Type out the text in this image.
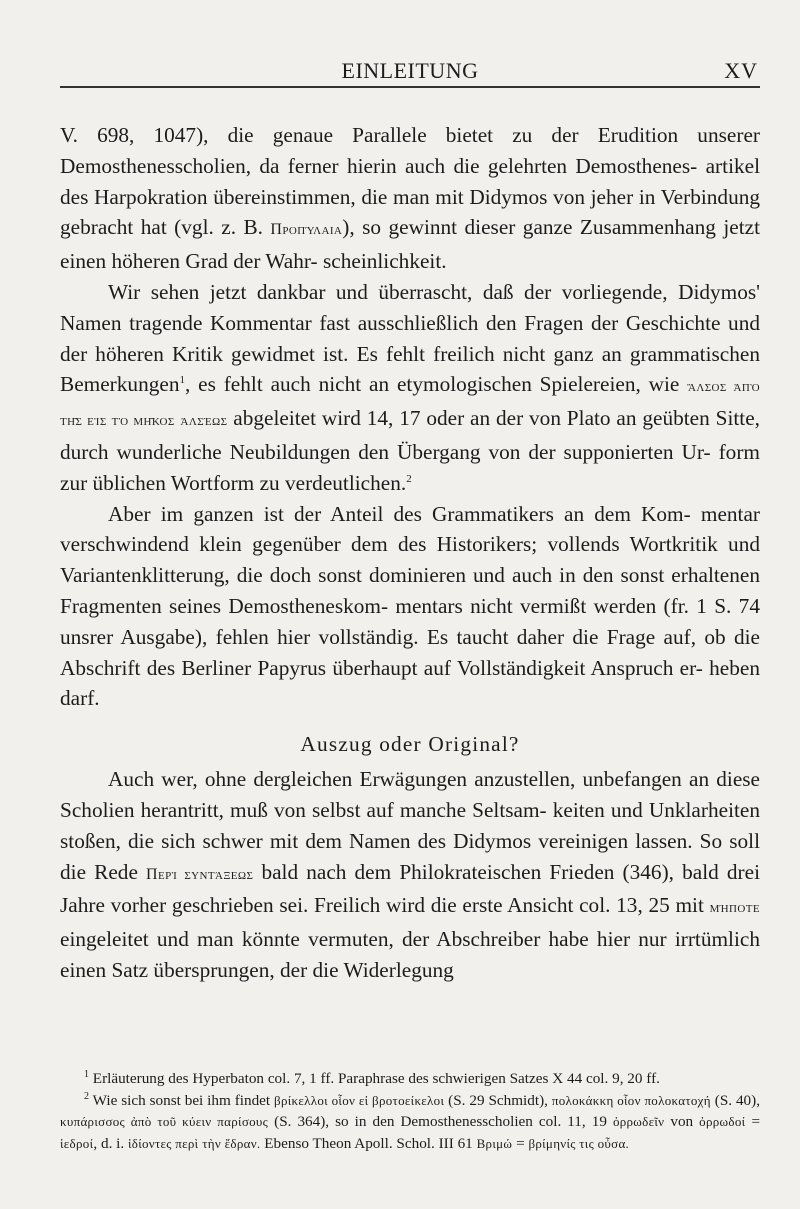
EINLEITUNG	XV

V. 698, 1047), die genaue Parallele bietet zu der Erudition unserer Demosthenesscholien, da ferner hierin auch die gelehrten Demosthenes- artikel des Harpokration übereinstimmen, die man mit Didymos von jeher in Verbindung gebracht hat (vgl. z. B. Πρoπύλαια), so gewinnt dieser ganze Zusammenhang jetzt einen höheren Grad der Wahr- scheinlichkeit.

Wir sehen jetzt dankbar und überrascht, daß der vorliegende, Didymos' Namen tragende Kommentar fast ausschließlich den Fragen der Geschichte und der höheren Kritik gewidmet ist. Es fehlt freilich nicht ganz an grammatischen Bemerkungen$^1$, es fehlt auch nicht an etymologischen Spielereien, wie ἄλσος ἀπὸ τῆς εἰς τὸ μῆκος ἀλσέως abgeleitet wird 14, 17 oder an der von Plato an geübten Sitte, durch wunderliche Neubildungen den Übergang von der supponierten Ur- form zur üblichen Wortform zu verdeutlichen.$^2$

Aber im ganzen ist der Anteil des Grammatikers an dem Kom- mentar verschwindend klein gegenüber dem des Historikers; vollends Wortkritik und Variantenklitterung, die doch sonst dominieren und auch in den sonst erhaltenen Fragmenten seines Demostheneskom- mentars nicht vermißt werden (fr. 1 S. 74 unsrer Ausgabe), fehlen hier vollständig. Es taucht daher die Frage auf, ob die Abschrift des Berliner Papyrus überhaupt auf Vollständigkeit Anspruch er- heben darf.

Auszug oder Original?

Auch wer, ohne dergleichen Erwägungen anzustellen, unbefangen an diese Scholien herantritt, muß von selbst auf manche Seltsam- keiten und Unklarheiten stoßen, die sich schwer mit dem Namen des Didymos vereinigen lassen. So soll die Rede Περὶ συντάξεως bald nach dem Philokrateischen Frieden (346), bald drei Jahre vorher geschrieben sei. Freilich wird die erste Ansicht col. 13, 25 mit μήποτε eingeleitet und man könnte vermuten, der Abschreiber habe hier nur irrtümlich einen Satz übersprungen, der die Widerlegung

$^1$ Erläuterung des Hyperbaton col. 7, 1 ff. Paraphrase des schwierigen Satzes X 44 col. 9, 20 ff.

$^2$ Wie sich sonst bei ihm findet βρίκελλοι οἷον εἰ βροτοείκελοι (S. 29 Schmidt), πολοκάκκη οἷον πολοκατοχή (S. 40), κυπάρισσος ἀπὸ τοῦ κύειν παρίσους (S. 364), so in den Demosthenesscholien col. 11, 19 ὀρρωδεῖν von ὀρρωδοί = ἱεδροί, d. i. ἰδίοντες περὶ τὴν ἔδραν. Ebenso Theon Apoll. Schol. III 61 Βριμώ = βρίμηνίς τις οὖσα.
